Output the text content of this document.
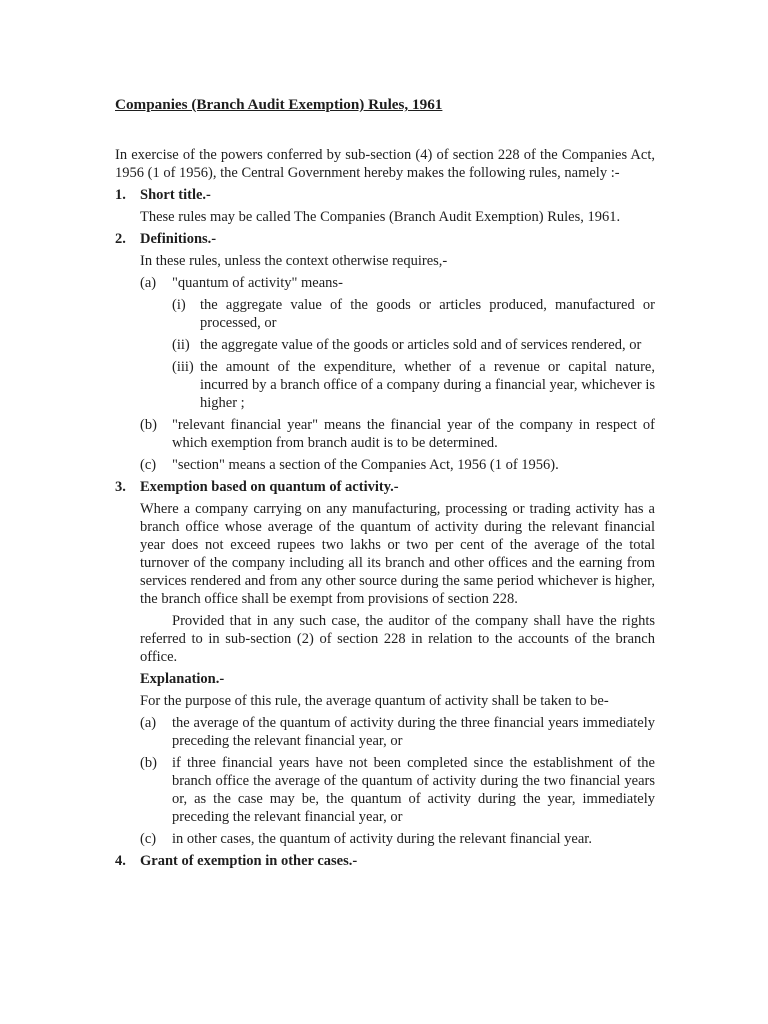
Companies (Branch Audit Exemption) Rules, 1961

In exercise of the powers conferred by sub-section (4) of section 228 of the Companies Act, 1956 (1 of 1956), the Central Government hereby makes the following rules, namely :-

1. Short title.-

These rules may be called The Companies (Branch Audit Exemption) Rules, 1961.

2. Definitions.-

In these rules, unless the context otherwise requires,-

(a)	"quantum of activity" means-
(i) the aggregate value of the goods or articles produced, manufactured or processed, or
(ii) the aggregate value of the goods or articles sold and of services rendered, or
(iii) the amount of the expenditure, whether of a revenue or capital nature, incurred by a branch office of a company during a financial year, whichever is higher ;
(b)	"relevant financial year" means the financial year of the company in respect of which exemption from branch audit is to be determined.
(c)	"section" means a section of the Companies Act, 1956 (1 of 1956).
3. Exemption based on quantum of activity.-

Where a company carrying on any manufacturing, processing or trading activity has a branch office whose average of the quantum of activity during the relevant financial year does not exceed rupees two lakhs or two per cent of the average of the total turnover of the company including all its branch and other offices and the earning from services rendered and from any other source during the same period whichever is higher, the branch office shall be exempt from provisions of section 228.

Provided that in any such case, the auditor of the company shall have the rights referred to in sub-section (2) of section 228 in relation to the accounts of the branch office.

Explanation.-

For the purpose of this rule, the average quantum of activity shall be taken to be-

(a)	the average of the quantum of activity during the three financial years immediately preceding the relevant financial year, or
(b)	if three financial years have not been completed since the establishment of the branch office the average of the quantum of activity during the two financial years or, as the case may be, the quantum of activity during the year, immediately preceding the relevant financial year, or
(c)	in other cases, the quantum of activity during the relevant financial year.
4. Grant of exemption in other cases.-
